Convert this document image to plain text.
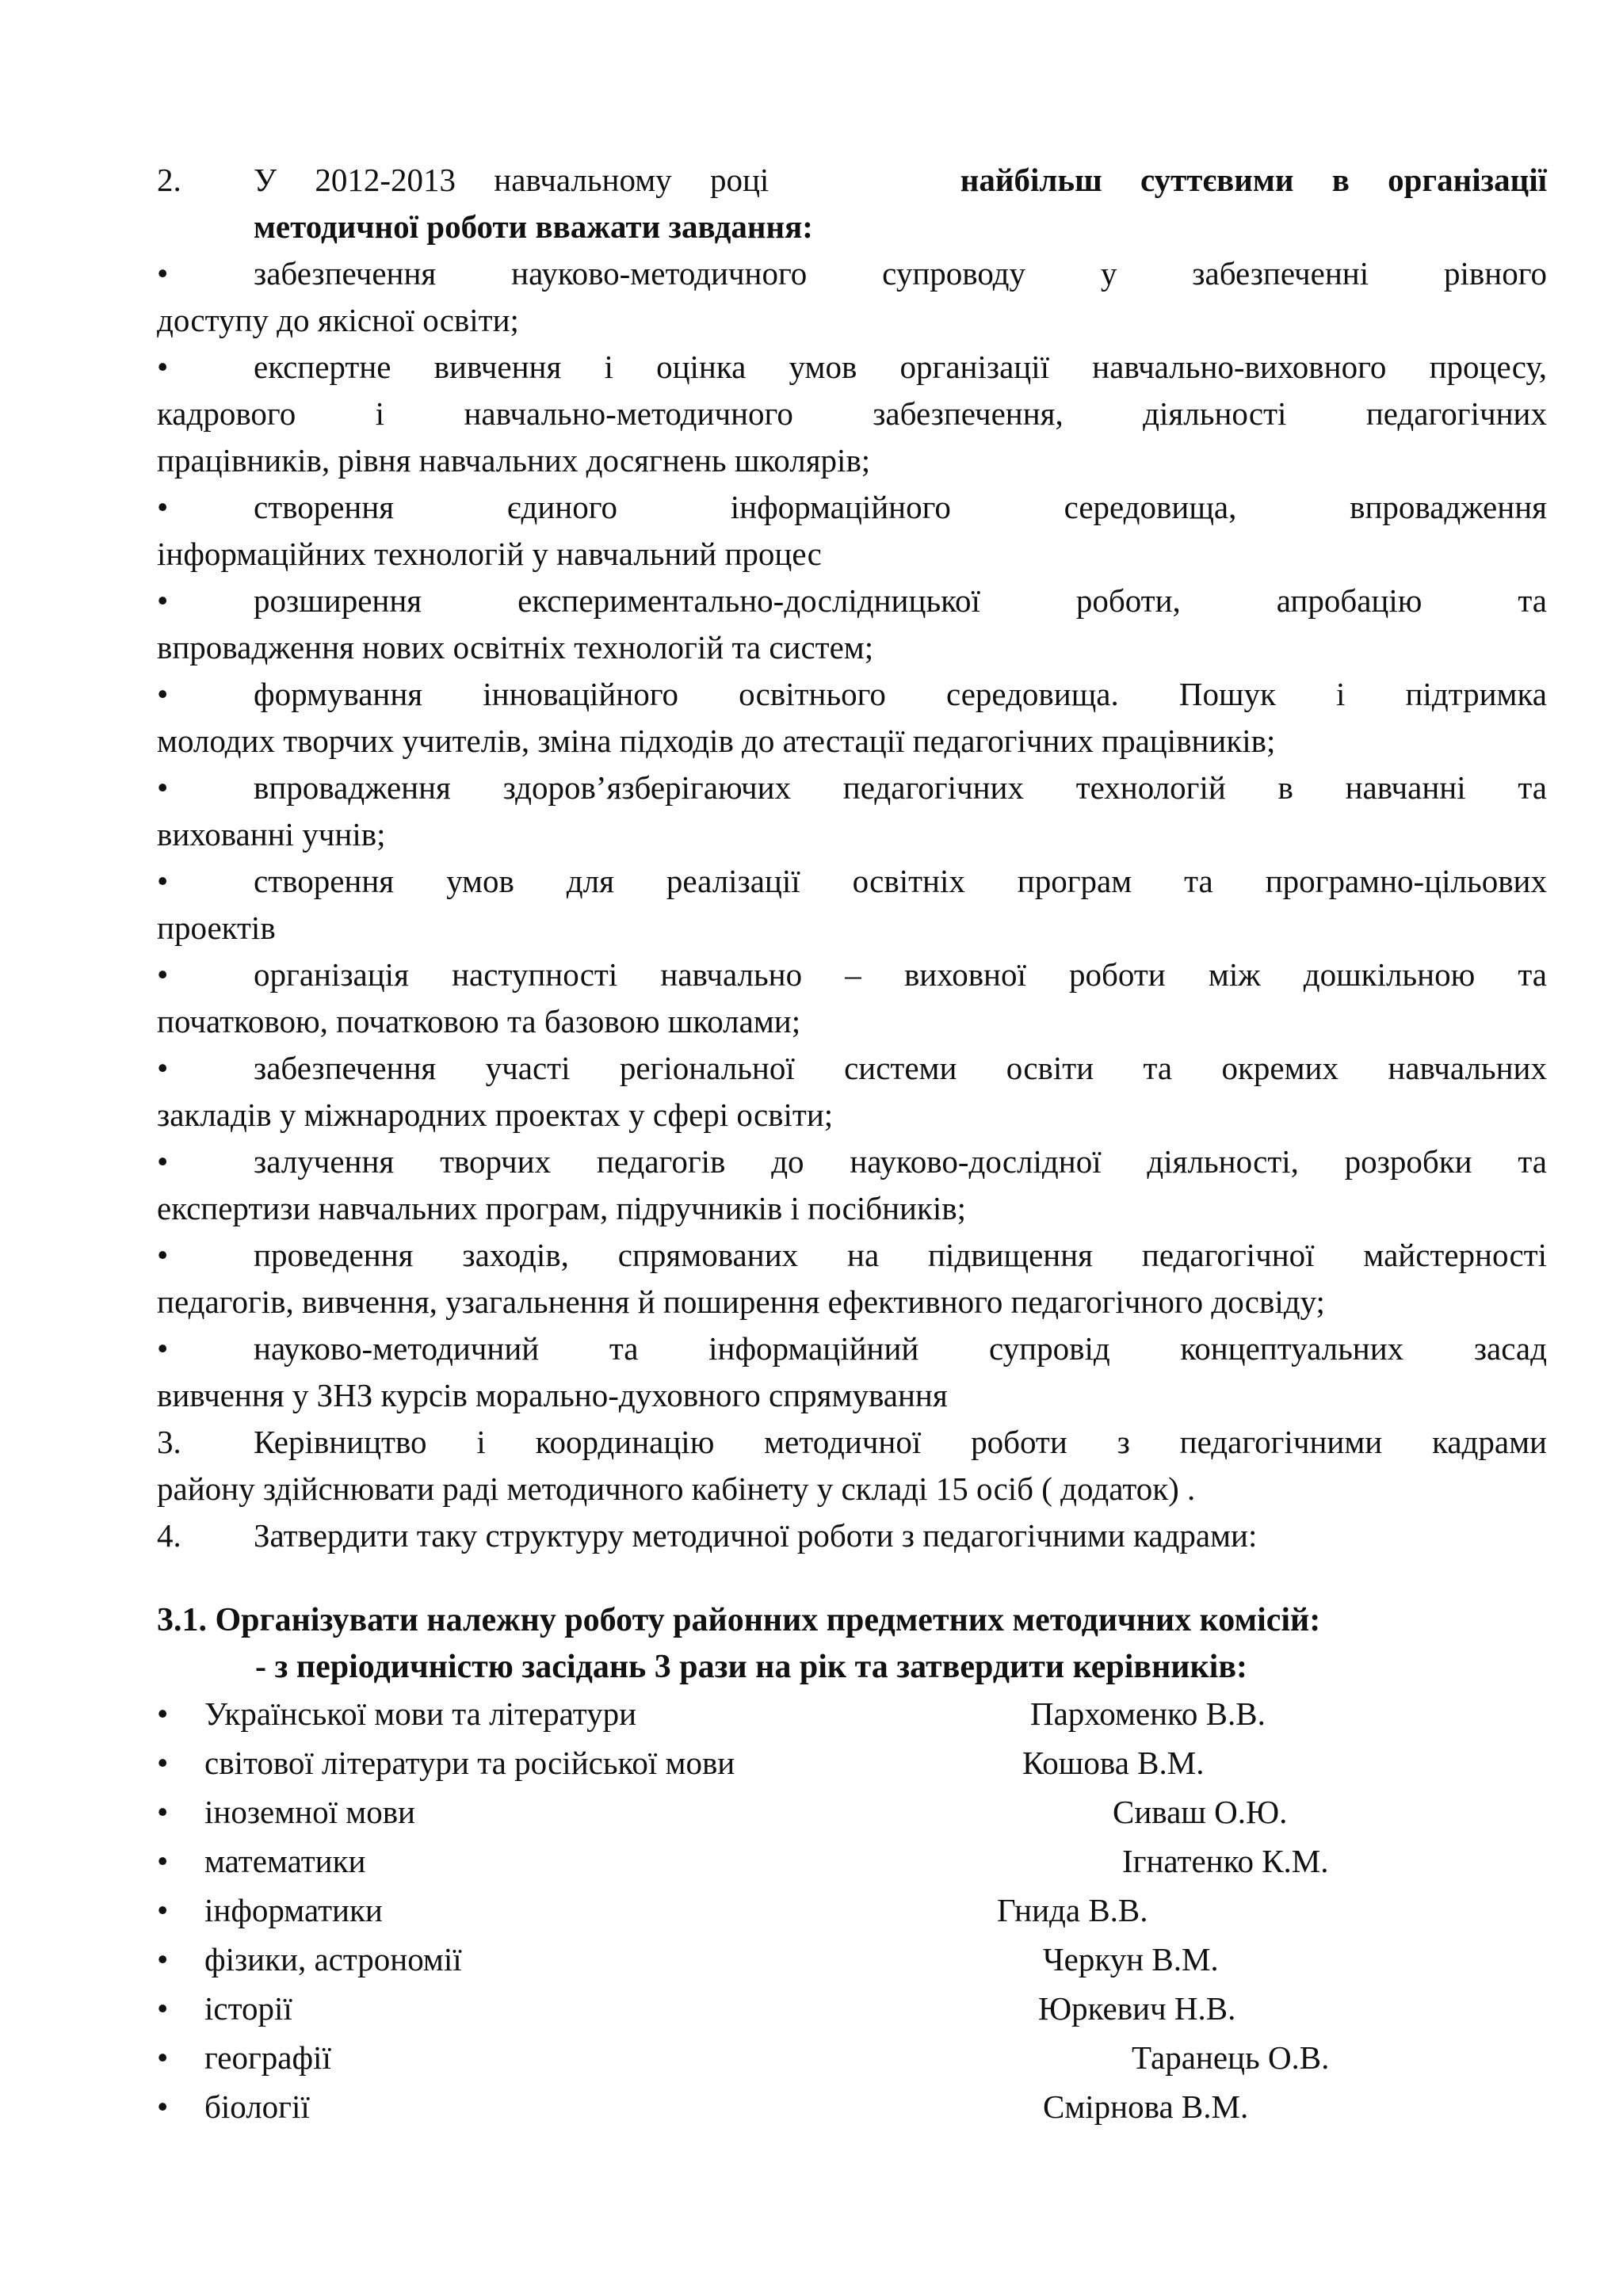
2.	У 2012-2013 навчальному році	найбільш суттєвими в організації
методичної роботи вважати завдання:
•	забезпечення науково-методичного супроводу у забезпеченні рівного
доступу до якісної освіти;
•	експертне вивчення і оцінка умов організації навчально-виховного процесу,
кадрового і навчально-методичного забезпечення, діяльності педагогічних
працівників, рівня навчальних досягнень школярів;
•	створення єдиного інформаційного середовища, впровадження
інформаційних технологій у навчальний процес
•	розширення експериментально-дослідницької роботи, апробацію та
впровадження нових освітніх технологій та систем;
•	формування інноваційного освітнього середовища. Пошук і підтримка
молодих творчих учителів, зміна підходів до атестації педагогічних працівників;
•	впровадження здоров’язберігаючих педагогічних технологій в навчанні та
вихованні учнів;
•	створення умов для реалізації освітніх програм та програмно-цільових
проектів
•	організація наступності навчально – виховної роботи між дошкільною та
початковою, початковою та базовою школами;
•	забезпечення участі регіональної системи освіти та окремих навчальних
закладів у міжнародних проектах у сфері освіти;
•	залучення творчих педагогів до науково-дослідної діяльності, розробки та
експертизи навчальних програм, підручників і посібників;
•	проведення заходів, спрямованих на підвищення педагогічної майстерності
педагогів, вивчення, узагальнення й поширення ефективного педагогічного досвіду;
•	науково-методичний та інформаційний супровід концептуальних засад
вивчення у ЗНЗ курсів морально-духовного спрямування
3.	Керівництво і координацію методичної роботи з педагогічними кадрами
району здійснювати раді методичного кабінету у складі 15 осіб ( додаток) .
4.	Затвердити таку структуру методичної роботи з педагогічними кадрами:
3.1. Організувати належну роботу районних предметних методичних комісій:
- з періодичністю засідань 3 рази на рік та затвердити керівників:
• Української мови та літератури	Пархоменко В.В.
• світової літератури та російської мови	Кошова В.М.
• іноземної мови	Сиваш О.Ю.
• математики	Ігнатенко К.М.
• інформатики	Гнида В.В.
• фізики, астрономії	Черкун В.М.
• історії	Юркевич Н.В.
• географії	Таранець О.В.
• біології	Смірнова В.М.
